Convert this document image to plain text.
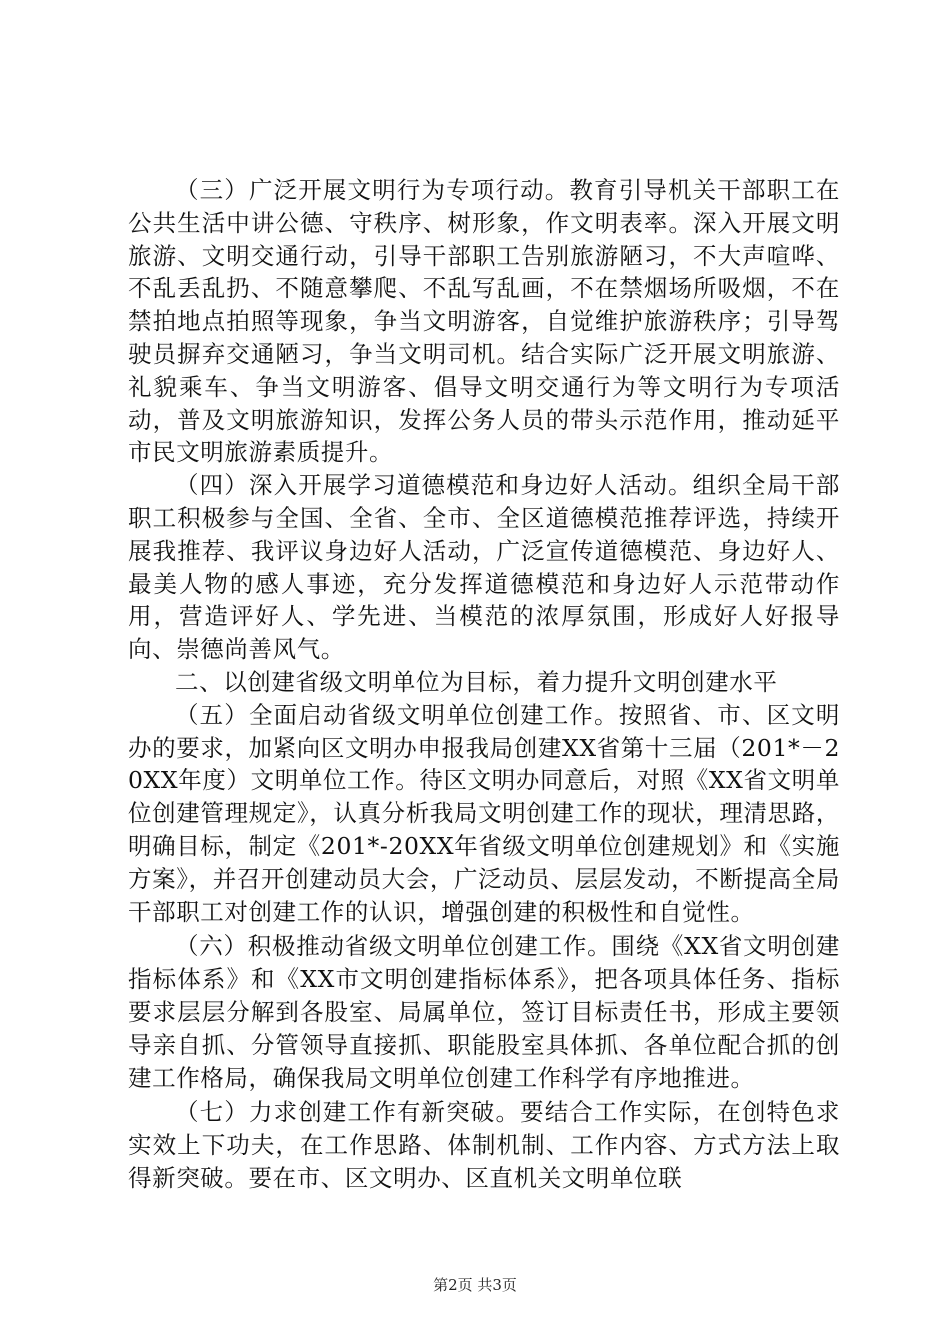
（三）广泛开展文明行为专项行动。教育引导机关干部职工在公共生活中讲公德、守秩序、树形象，作文明表率。深入开展文明旅游、文明交通行动，引导干部职工告别旅游陋习，不大声喧哗、不乱丢乱扔、不随意攀爬、不乱写乱画，不在禁烟场所吸烟，不在禁拍地点拍照等现象，争当文明游客，自觉维护旅游秩序；引导驾驶员摒弃交通陋习，争当文明司机。结合实际广泛开展文明旅游、礼貌乘车、争当文明游客、倡导文明交通行为等文明行为专项活动，普及文明旅游知识，发挥公务人员的带头示范作用，推动延平市民文明旅游素质提升。

（四）深入开展学习道德模范和身边好人活动。组织全局干部职工积极参与全国、全省、全市、全区道德模范推荐评选，持续开展我推荐、我评议身边好人活动，广泛宣传道德模范、身边好人、最美人物的感人事迹，充分发挥道德模范和身边好人示范带动作用，营造评好人、学先进、当模范的浓厚氛围，形成好人好报导向、崇德尚善风气。

二、以创建省级文明单位为目标，着力提升文明创建水平

（五）全面启动省级文明单位创建工作。按照省、市、区文明办的要求，加紧向区文明办申报我局创建XX省第十三届（201*－20XX年度）文明单位工作。待区文明办同意后，对照《XX省文明单位创建管理规定》，认真分析我局文明创建工作的现状，理清思路，明确目标，制定《201*-20XX年省级文明单位创建规划》和《实施方案》，并召开创建动员大会，广泛动员、层层发动，不断提高全局干部职工对创建工作的认识，增强创建的积极性和自觉性。

（六）积极推动省级文明单位创建工作。围绕《XX省文明创建指标体系》和《XX市文明创建指标体系》，把各项具体任务、指标要求层层分解到各股室、局属单位，签订目标责任书，形成主要领导亲自抓、分管领导直接抓、职能股室具体抓、各单位配合抓的创建工作格局，确保我局文明单位创建工作科学有序地推进。

（七）力求创建工作有新突破。要结合工作实际，在创特色求实效上下功夫，在工作思路、体制机制、工作内容、方式方法上取得新突破。要在市、区文明办、区直机关文明单位联

第2页 共3页
